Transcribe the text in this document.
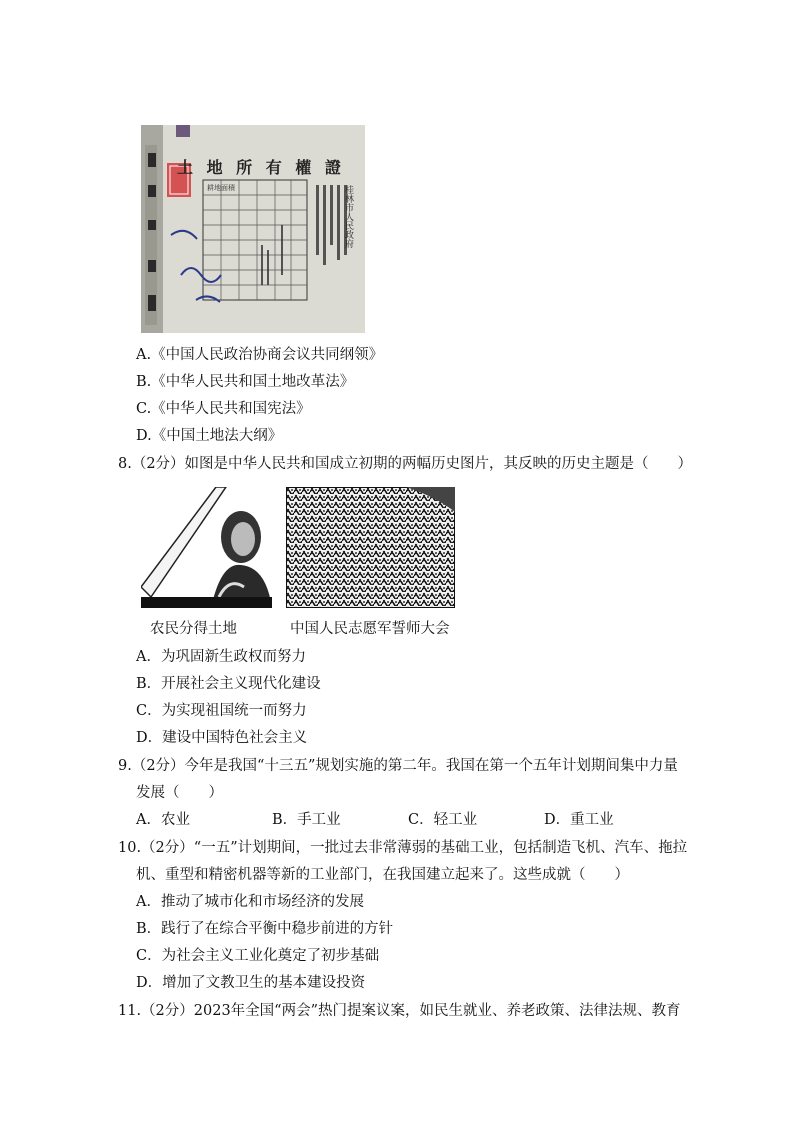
土 地 所 有 權 證
桂林市人民政府
耕地面積
A.《中国人民政治协商会议共同纲领》
B.《中华人民共和国土地改革法》
C.《中华人民共和国宪法》
D.《中国土地法大纲》
8.（2分）如图是中华人民共和国成立初期的两幅历史图片，其反映的历史主题是（　　）
农民分得土地	中国人民志愿军誓师大会
A．为巩固新生政权而努力
B．开展社会主义现代化建设
C．为实现祖国统一而努力
D．建设中国特色社会主义
9.（2分）今年是我国“十三五”规划实施的第二年。我国在第一个五年计划期间集中力量
发展（　　）
A．农业	B．手工业	C．轻工业	D．重工业
10.（2分）“一五”计划期间，一批过去非常薄弱的基础工业，包括制造飞机、汽车、拖拉
机、重型和精密机器等新的工业部门，在我国建立起来了。这些成就（　　）
A．推动了城市化和市场经济的发展
B．践行了在综合平衡中稳步前进的方针
C．为社会主义工业化奠定了初步基础
D．增加了文教卫生的基本建设投资
11.（2分）2023年全国“两会”热门提案议案，如民生就业、养老政策、法律法规、教育
